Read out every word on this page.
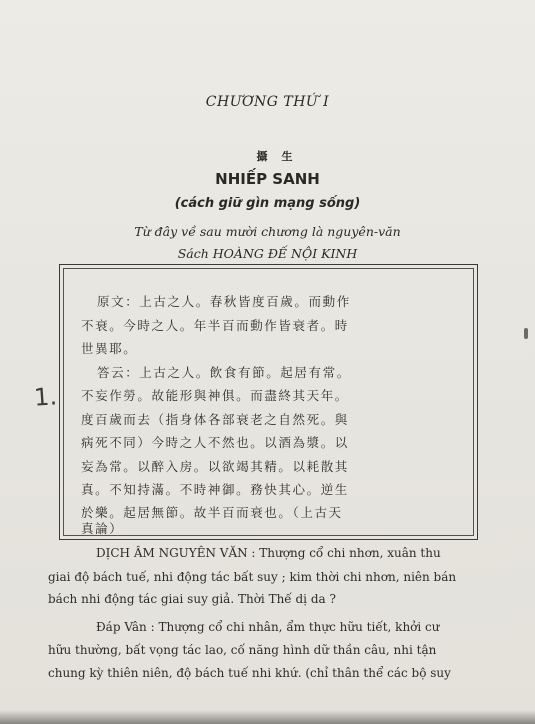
CHƯƠNG THỨ I
攝生
NHIẾP SANH
(cách giữ gìn mạng sống)
Từ đây về sau mười chương là nguyên-văn
Sách HOÀNG ĐẾ NỘI KINH
原文：上古之人。春秋皆度百歲。而動作
不衰。今時之人。年半百而動作皆衰者。時
世異耶。
答云：上古之人。飲食有節。起居有常。
不妄作勞。故能形與神俱。而盡終其天年。
度百歲而去（指身体各部衰老之自然死。與
病死不同）今時之人不然也。以酒為漿。以
妄為常。以醉入房。以欲竭其精。以耗散其
真。不知持滿。不時神御。務快其心。逆生
於樂。起居無節。故半百而衰也。（上古天
真論）
1.
DỊCH ÂM NGUYÊN VĂN : Thượng cổ chi nhơn, xuân thu
giai độ bách tuế, nhi động tác bất suy ; kim thời chi nhơn, niên bán
bách nhi động tác giai suy giả. Thời Thế dị da ?
Đáp Vân : Thượng cổ chi nhân, ẩm thực hữu tiết, khởi cư
hữu thường, bất vọng tác lao, cố năng hình dữ thần câu, nhi tận
chung kỳ thiên niên, độ bách tuế nhi khứ. (chỉ thân thể các bộ suy
